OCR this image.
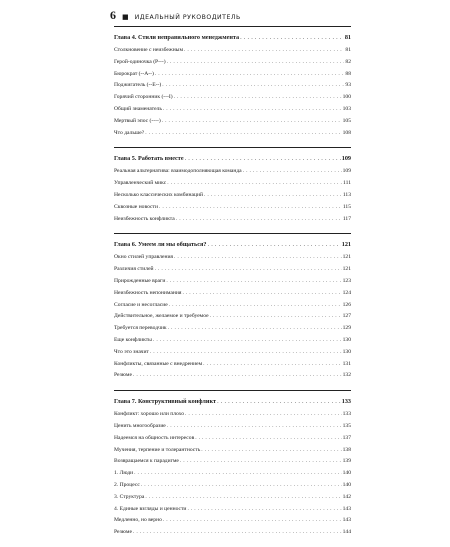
6 ■ ИДЕАЛЬНЫЙ РУКОВОДИТЕЛЬ
Глава 4. Стили неправильного менеджмента . . .	81
Столкновение с неизбежным . . .	81
Герой-одиночка (P---) . . .	82
Бюрократ (--A--) . . .	88
Поджигатель (--E--) . . .	93
Горячий сторонник (---I) . . .	100
Общий знаменатель . . .	103
Мертвый эпос (----) . . .	105
Что дальше? . . .	108
Глава 5. Работать вместе . . .	109
Реальная альтернатива: взаимодополняющая команда . . .	109
Управленческий микс . . .	111
Несколько классических комбинаций . . .	113
Сквозные новости . . .	115
Неизбежность конфликта . . .	117
Глава 6. Умеем ли мы общаться? . . .	121
Окно стилей управления . . .	121
Различия стилей . . .	121
Прирожденные враги . . .	123
Неизбежность непонимания . . .	124
Согласие и несогласие . . .	126
Действительное, желаемое и требуемое . . .	127
Требуется переводчик . . .	129
Еще конфликты . . .	130
Что это значит . . .	130
Конфликты, связанные с внедрением . . .	131
Резюме . . .	132
Глава 7. Конструктивный конфликт . . .	133
Конфликт: хорошо или плохо . . .	133
Ценить многообразие . . .	135
Надеемся на общность интересов . . .	137
Мучения, терпение и толерантность . . .	138
Возвращаемся к парадигме . . .	139
1. Люди . . .	140
2. Процесс . . .	140
3. Структура . . .	142
4. Единые взгляды и ценности . . .	143
Медленно, но верно . . .	143
Резюме . . .	144
